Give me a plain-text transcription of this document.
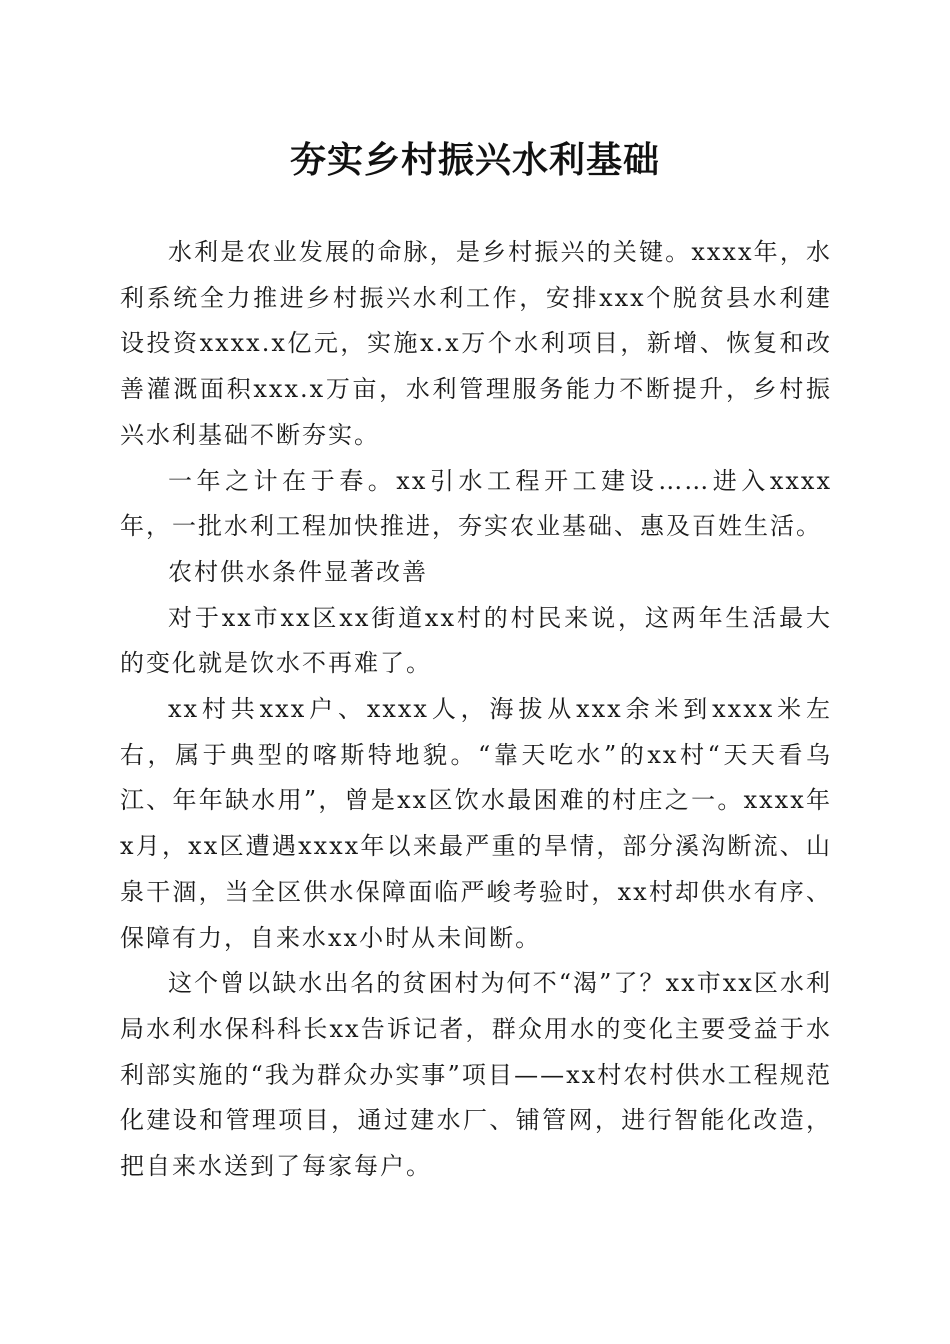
夯实乡村振兴水利基础

水利是农业发展的命脉，是乡村振兴的关键。xxxx年，水利系统全力推进乡村振兴水利工作，安排xxx个脱贫县水利建设投资xxxx.x亿元，实施x.x万个水利项目，新增、恢复和改善灌溉面积xxx.x万亩，水利管理服务能力不断提升，乡村振兴水利基础不断夯实。

一年之计在于春。xx引水工程开工建设……进入xxxx年，一批水利工程加快推进，夯实农业基础、惠及百姓生活。

农村供水条件显著改善

对于xx市xx区xx街道xx村的村民来说，这两年生活最大的变化就是饮水不再难了。

xx村共xxx户、xxxx人，海拔从xxx余米到xxxx米左右，属于典型的喀斯特地貌。“靠天吃水”的xx村“天天看乌江、年年缺水用”，曾是xx区饮水最困难的村庄之一。xxxx年x月，xx区遭遇xxxx年以来最严重的旱情，部分溪沟断流、山泉干涸，当全区供水保障面临严峻考验时，xx村却供水有序、保障有力，自来水xx小时从未间断。

这个曾以缺水出名的贫困村为何不“渴”了？xx市xx区水利局水利水保科科长xx告诉记者，群众用水的变化主要受益于水利部实施的“我为群众办实事”项目——xx村农村供水工程规范化建设和管理项目，通过建水厂、铺管网，进行智能化改造，把自来水送到了每家每户。
